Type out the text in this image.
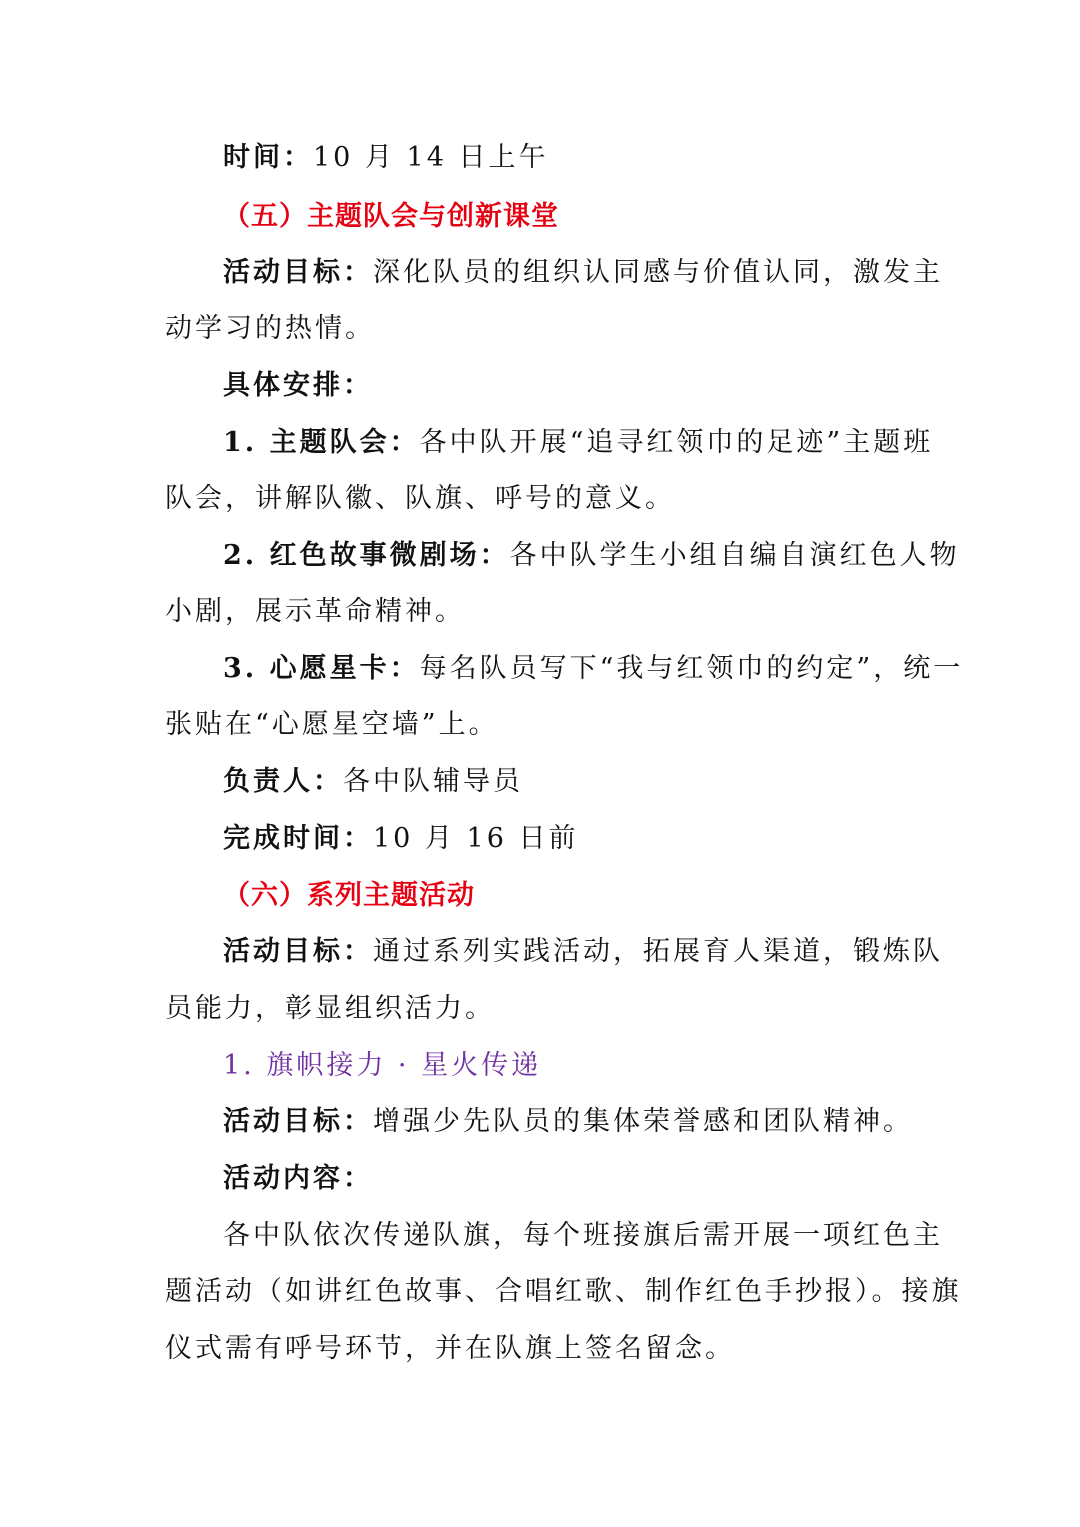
时间：10 月 14 日上午
（五）主题队会与创新课堂
活动目标：深化队员的组织认同感与价值认同，激发主
动学习的热情。
具体安排：
1. 主题队会：各中队开展“追寻红领巾的足迹”主题班
队会，讲解队徽、队旗、呼号的意义。
2. 红色故事微剧场：各中队学生小组自编自演红色人物
小剧，展示革命精神。
3. 心愿星卡：每名队员写下“我与红领巾的约定”，统一
张贴在“心愿星空墙”上。
负责人：各中队辅导员
完成时间：10 月 16 日前
（六）系列主题活动
活动目标：通过系列实践活动，拓展育人渠道，锻炼队
员能力，彰显组织活力。
1. 旗帜接力 · 星火传递
活动目标：增强少先队员的集体荣誉感和团队精神。
活动内容：
各中队依次传递队旗，每个班接旗后需开展一项红色主
题活动（如讲红色故事、合唱红歌、制作红色手抄报）。接旗
仪式需有呼号环节，并在队旗上签名留念。
